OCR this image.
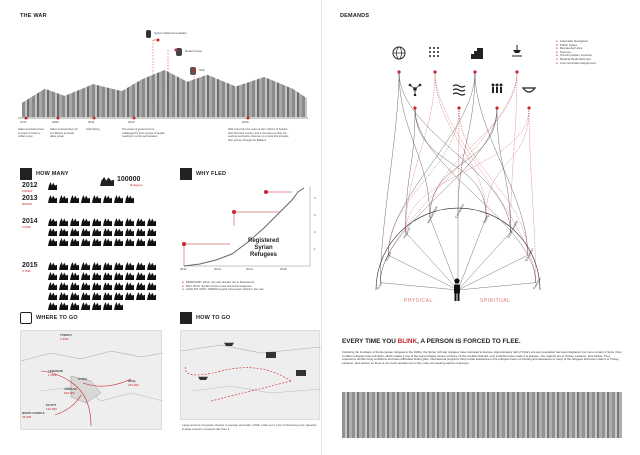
THE WAR
Syrian National Coalition
Rebel Group
ISIS
1971	2000	2011	2012	2016
Hafez al-Assad comes to power through a military coup
Hafez al-Assad dies; his son Bashar al-Assad takes power
Arab Spring	The power of government is challenged by three groups of people resulting in a civil war between
With more than five years of war, millions of Syrians have fled their country, and a mounting number are seeking sanctuary in Europe on a route that includes their journey through the Balkans
HOW MANY
100000
Refugees
2012
100000
2013
800000
2014
3.0MIL
2015
4.7MIL
WHY FLED
2012	2013	2014	2015
4
3
2
1
Registered
Syrian
Refugees
● FEBRUARY 2012, the war breaks out in Damascus
● MAY 2014, Syrian forces used chemical weapons
● AUGUST 2015, 100000 people have been killed in the war
WHERE TO GO
TURKEY
1.9MIL
LEBANON
1.1MIL
SYRIA
JORDAN
629,000
IRAQ
249,000
EGYPT
132,000
NORTH AFRICA
26,000
HOW TO GO
Large amount of people choose to escape via boats, which ends up in a lot of drowning over capacity. A large amount of people die from it.
DEMANDS
● Automatic Navigation
● Public Space
● Residential Units
● Sources
● Transformation Location
● Medical Replenishment
● Communication Equipment
Food
Shelter
Hygiene
Medical Care	Connection
Safety
Social Activity
Education
Freedom
PHYSICAL	SPIRITUAL
EVERY TIME YOU BLINK, A PERSON IS FORCED TO FLEE.
Following the footsteps of the European refugees in the 1940s, the Syrian civil war refugees have relocated to Europe. Approximately half of Syria's pre-war population has been displaced, but more remain in Syria. Over 4 million refugees have left Syria, which makes it one of the worst refugee crises in history. Of the 4 million that left, only a fraction have made it to Europe—the majority are in Turkey, Lebanon, and Jordan. They experience terrible living conditions and have difficulties finding jobs. International programs that provide assistance to the refugees have not funding and assistance to many of the refugees that have made it to Turkey, Lebanon, and Jordan, so there is not much question as to why many are seeking asylum in Europe.
